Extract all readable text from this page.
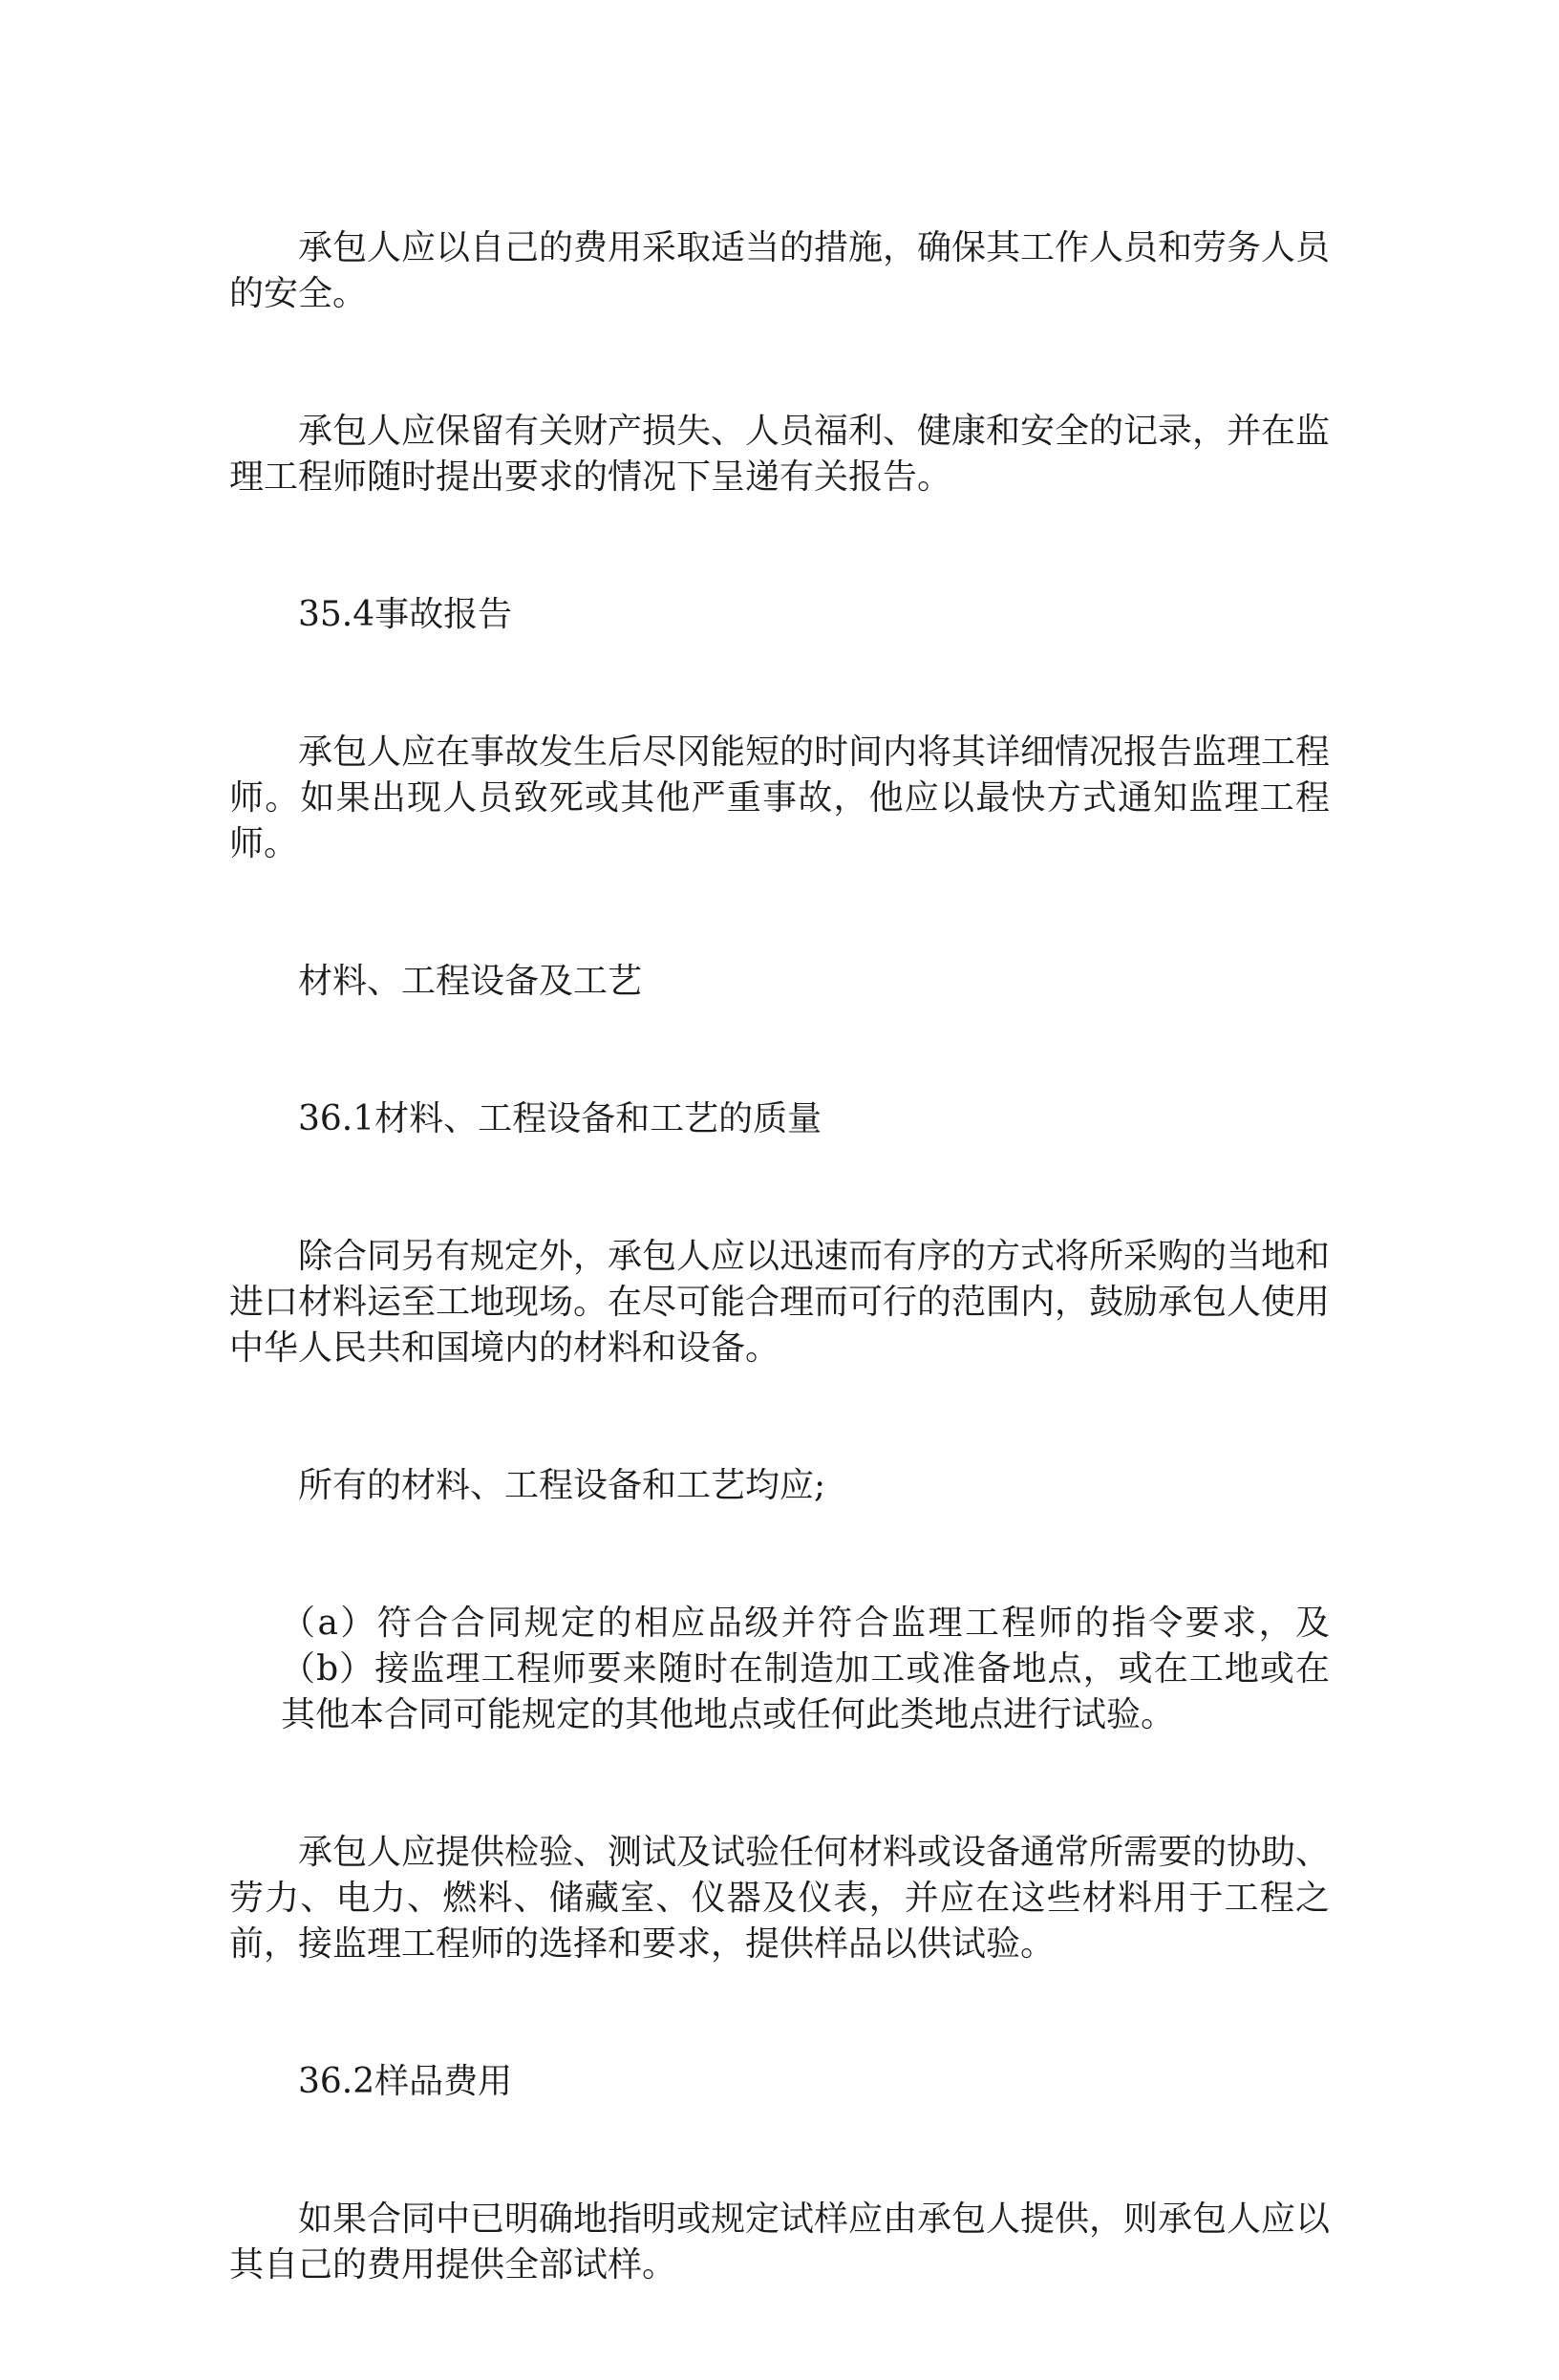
承包人应以自己的费用采取适当的措施，确保其工作人员和劳务人员的安全。

承包人应保留有关财产损失、人员福利、健康和安全的记录，并在监理工程师随时提出要求的情况下呈递有关报告。

35.4事故报告

承包人应在事故发生后尽冈能短的时间内将其详细情况报告监理工程师。如果出现人员致死或其他严重事故，他应以最快方式通知监理工程师。

材料、工程设备及工艺

36.1材料、工程设备和工艺的质量

除合同另有规定外，承包人应以迅速而有序的方式将所采购的当地和进口材料运至工地现场。在尽可能合理而可行的范围内，鼓励承包人使用中华人民共和国境内的材料和设备。

所有的材料、工程设备和工艺均应;

（a）符合合同规定的相应品级并符合监理工程师的指令要求，及（b）接监理工程师要来随时在制造加工或准备地点，或在工地或在其他本合同可能规定的其他地点或任何此类地点进行试验。

承包人应提供检验、测试及试验任何材料或设备通常所需要的协助、劳力、电力、燃料、储藏室、仪器及仪表，并应在这些材料用于工程之前，接监理工程师的选择和要求，提供样品以供试验。

36.2样品费用

如果合同中已明确地指明或规定试样应由承包人提供，则承包人应以其自己的费用提供全部试样。
